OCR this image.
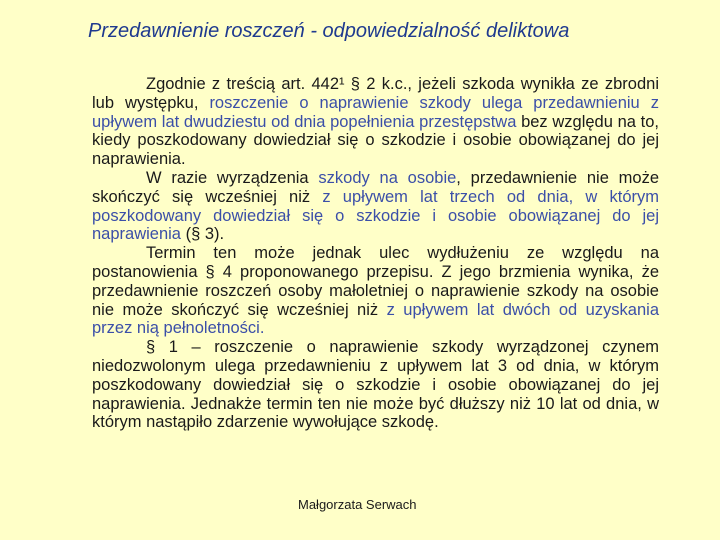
Przedawnienie roszczeń - odpowiedzialność deliktowa

Zgodnie z treścią art. 442¹ § 2 k.c., jeżeli szkoda wynikła ze zbrodni lub występku, roszczenie o naprawienie szkody ulega przedawnieniu z upływem lat dwudziestu od dnia popełnienia przestępstwa bez względu na to, kiedy poszkodowany dowiedział się o szkodzie i osobie obowiązanej do jej naprawienia.

W razie wyrządzenia szkody na osobie, przedawnienie nie może skończyć się wcześniej niż z upływem lat trzech od dnia, w którym poszkodowany dowiedział się o szkodzie i osobie obowiązanej do jej naprawienia (§ 3).

Termin ten może jednak ulec wydłużeniu ze względu na postanowienia § 4 proponowanego przepisu. Z jego brzmienia wynika, że przedawnienie roszczeń osoby małoletniej o naprawienie szkody na osobie nie może skończyć się wcześniej niż z upływem lat dwóch od uzyskania przez nią pełnoletności.

§ 1 – roszczenie o naprawienie szkody wyrządzonej czynem niedozwolonym ulega przedawnieniu z upływem lat 3 od dnia, w którym poszkodowany dowiedział się o szkodzie i osobie obowiązanej do jej naprawienia. Jednakże termin ten nie może być dłuższy niż 10 lat od dnia, w którym nastąpiło zdarzenie wywołujące szkodę.

Małgorzata Serwach
